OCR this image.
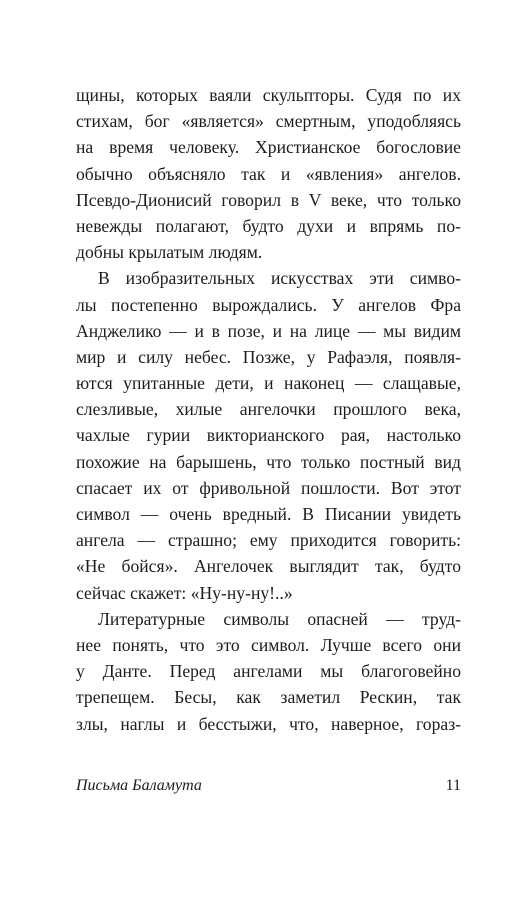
щины, которых ваяли скульпторы. Судя по их
стихам, бог «является» смертным, уподобляясь
на время человеку. Христианское богословие
обычно объясняло так и «явления» ангелов.
Псевдо-Дионисий говорил в V веке, что только
невежды полагают, будто духи и впрямь по-
добны крылатым людям.
В изобразительных искусствах эти симво-
лы постепенно вырождались. У ангелов Фра
Анджелико — и в позе, и на лице — мы видим
мир и силу небес. Позже, у Рафаэля, появля-
ются упитанные дети, и наконец — слащавые,
слезливые, хилые ангелочки прошлого века,
чахлые гурии викторианского рая, настолько
похожие на барышень, что только постный вид
спасает их от фривольной пошлости. Вот этот
символ — очень вредный. В Писании увидеть
ангела — страшно; ему приходится говорить:
«Не бойся». Ангелочек выглядит так, будто
сейчас скажет: «Ну-ну-ну!..»
Литературные символы опасней — труд-
нее понять, что это символ. Лучше всего они
у Данте. Перед ангелами мы благоговейно
трепещем. Бесы, как заметил Рескин, так
злы, наглы и бесстыжи, что, наверное, гораз-
Письма Баламута	11
